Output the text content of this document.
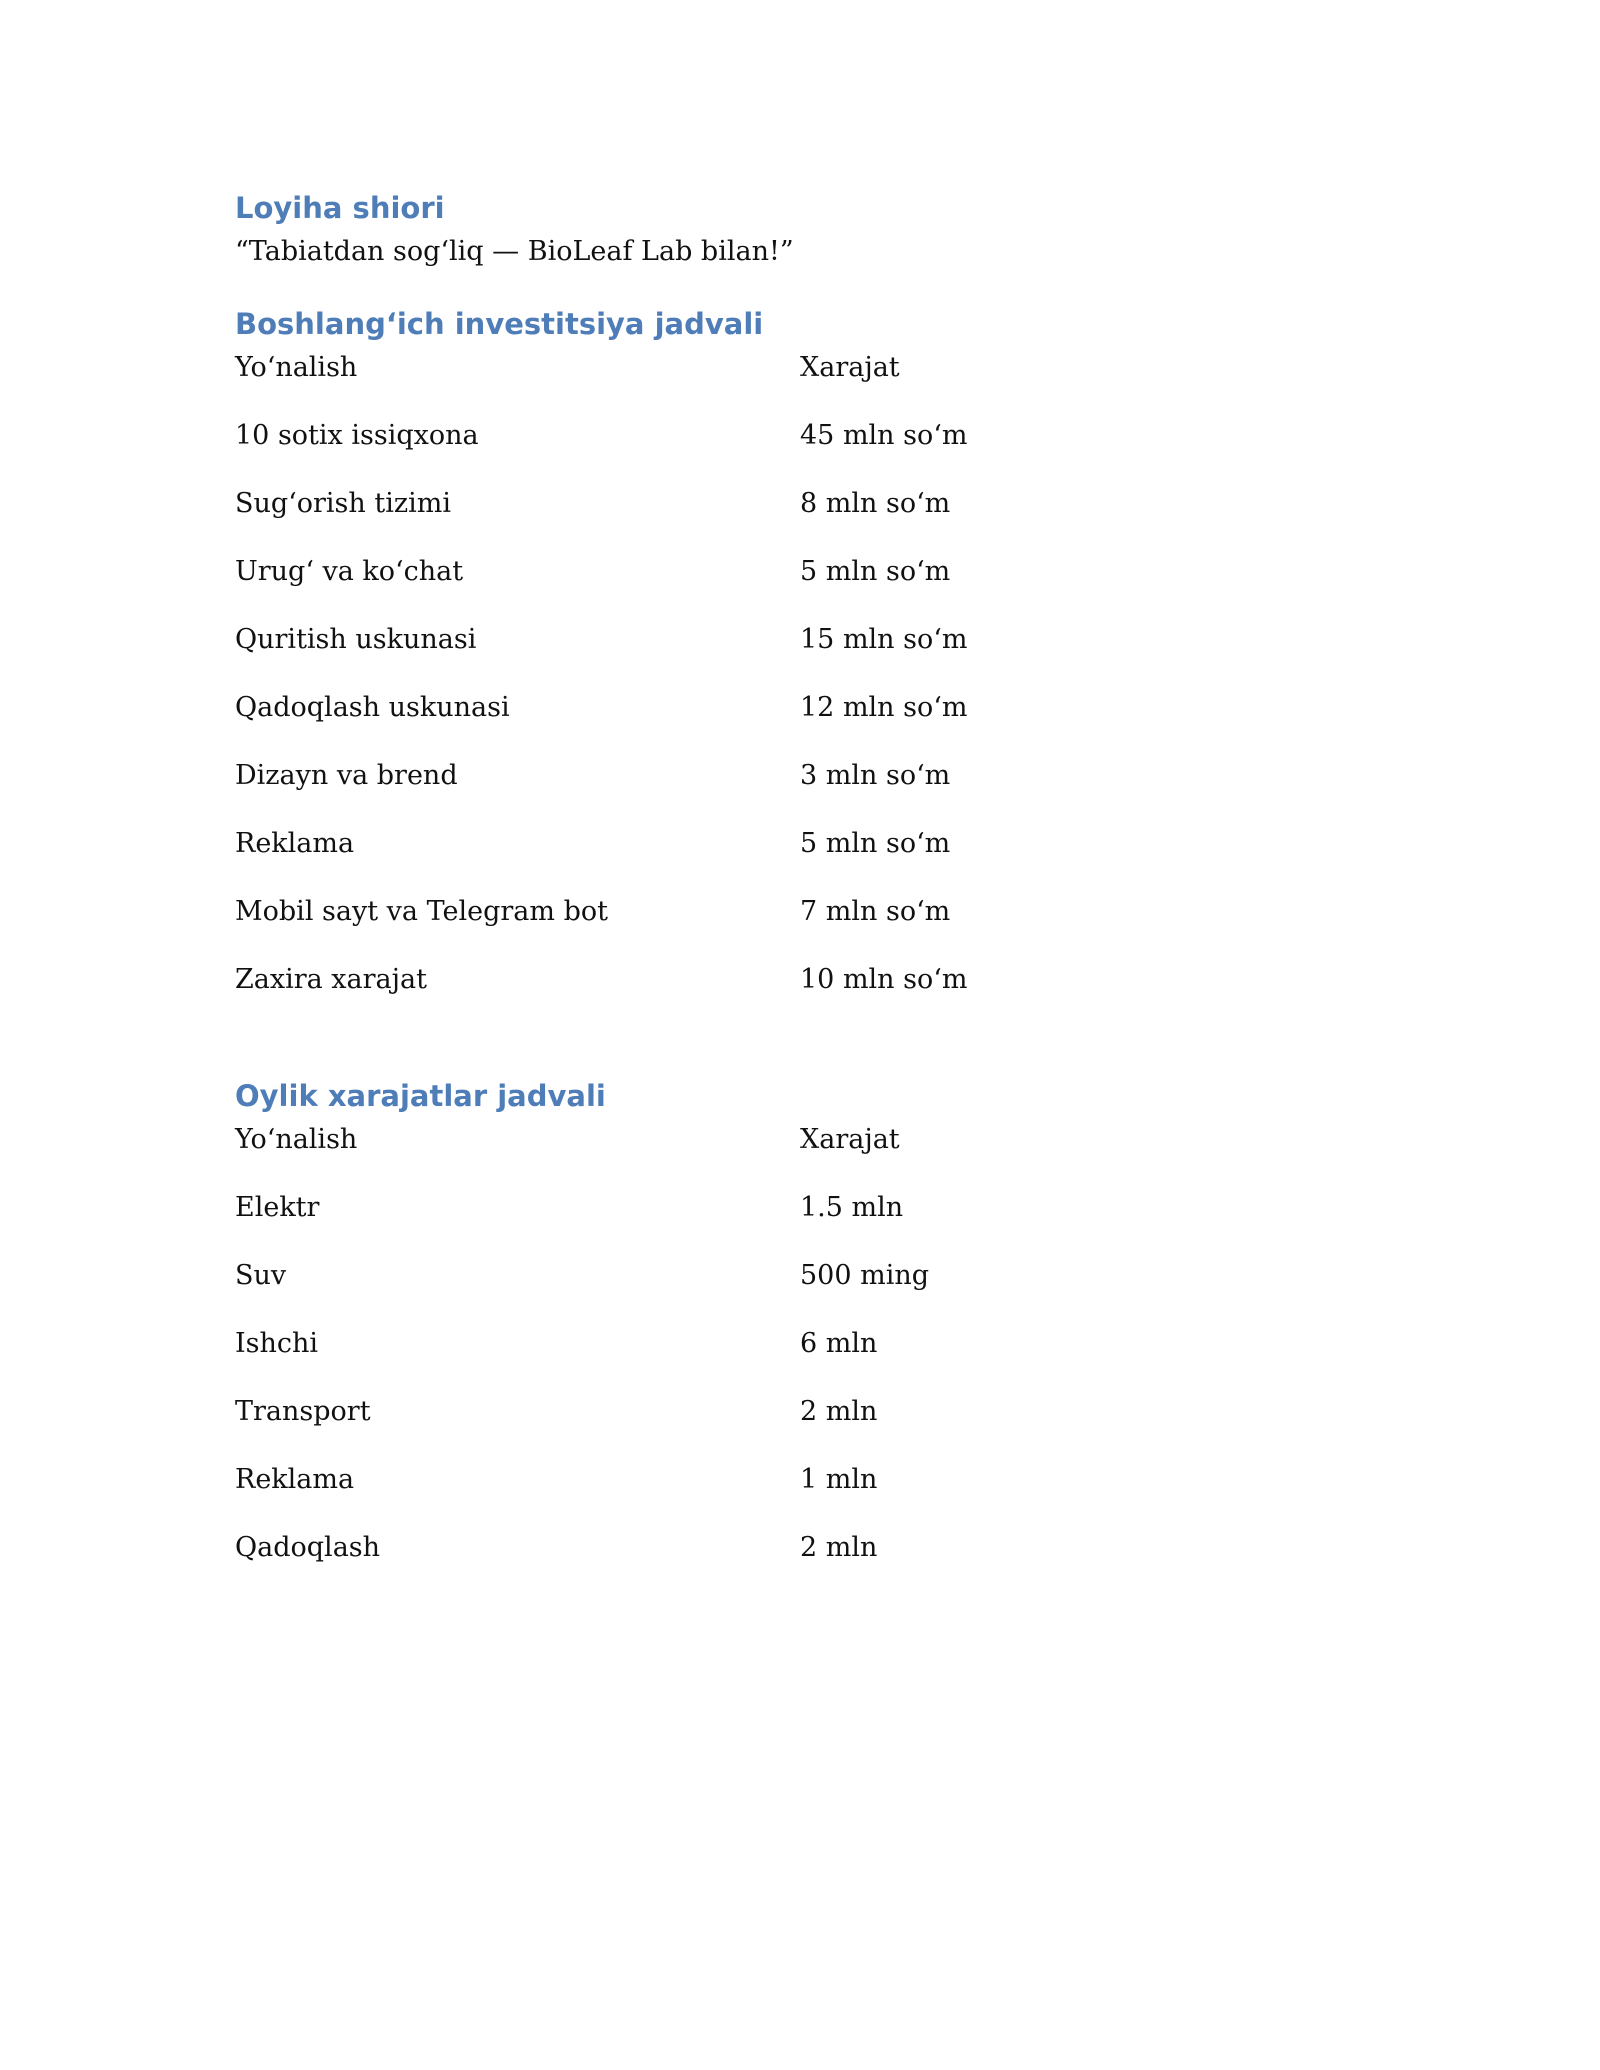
Loyiha shiori

“Tabiatdan sog‘liq — BioLeaf Lab bilan!”

Boshlang‘ich investitsiya jadvali
Yo‘nalish	Xarajat
10 sotix issiqxona	45 mln so‘m
Sug‘orish tizimi	8 mln so‘m
Urug‘ va ko‘chat	5 mln so‘m
Quritish uskunasi	15 mln so‘m
Qadoqlash uskunasi	12 mln so‘m
Dizayn va brend	3 mln so‘m
Reklama	5 mln so‘m
Mobil sayt va Telegram bot	7 mln so‘m
Zaxira xarajat	10 mln so‘m
Oylik xarajatlar jadvali
Yo‘nalish	Xarajat
Elektr	1.5 mln
Suv	500 ming
Ishchi	6 mln
Transport	2 mln
Reklama	1 mln
Qadoqlash	2 mln
